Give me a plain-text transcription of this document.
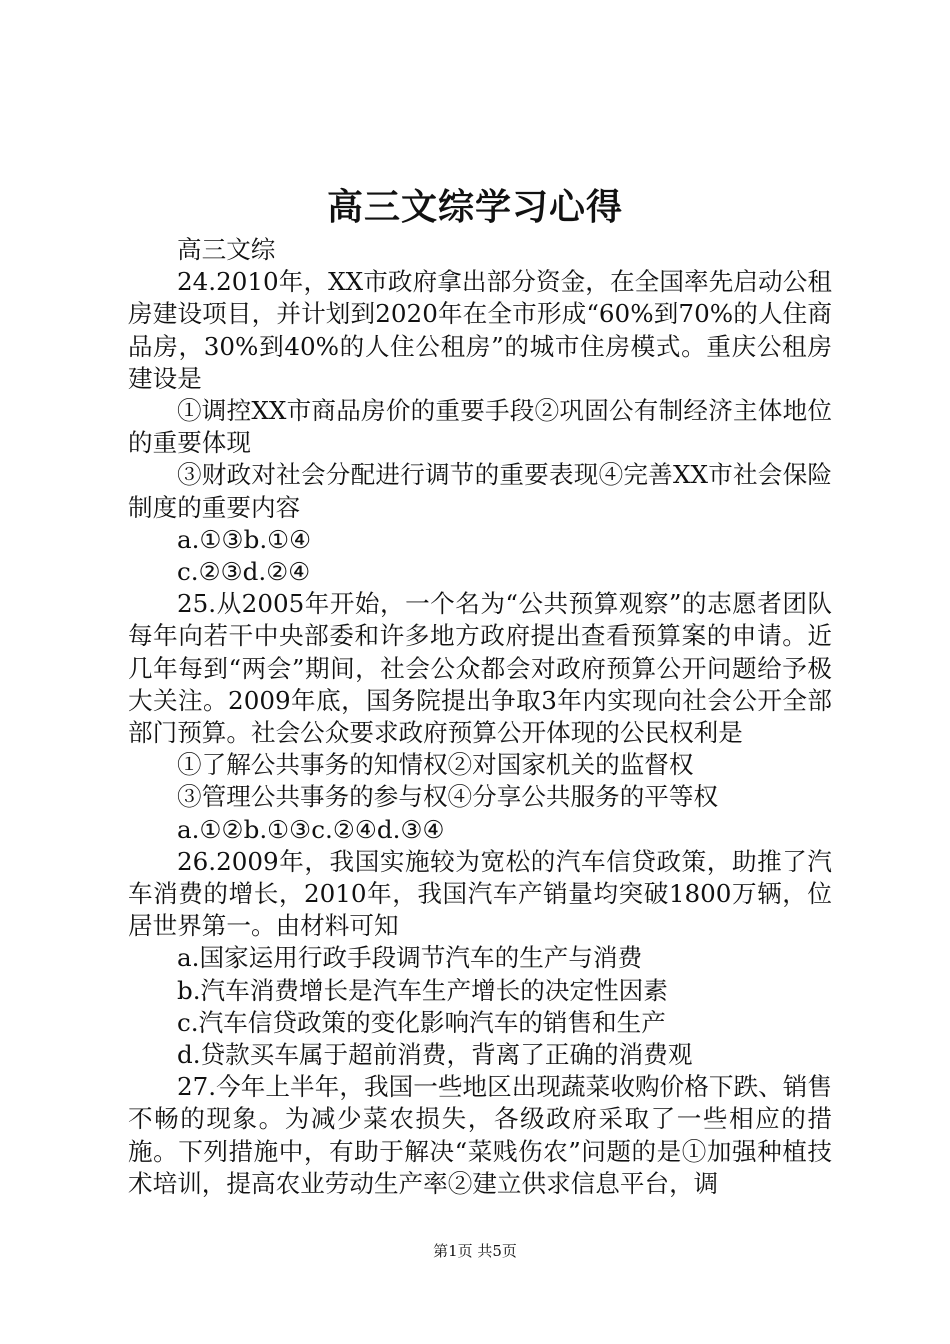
高三文综学习心得

高三文综

24.2010年，XX市政府拿出部分资金，在全国率先启动公租房建设项目，并计划到2020年在全市形成“60%到70%的人住商品房，30%到40%的人住公租房”的城市住房模式。重庆公租房建设是

①调控XX市商品房价的重要手段②巩固公有制经济主体地位的重要体现

③财政对社会分配进行调节的重要表现④完善XX市社会保险制度的重要内容

a.①③b.①④

c.②③d.②④

25.从2005年开始，一个名为“公共预算观察”的志愿者团队每年向若干中央部委和许多地方政府提出查看预算案的申请。近几年每到“两会”期间，社会公众都会对政府预算公开问题给予极大关注。2009年底，国务院提出争取3年内实现向社会公开全部部门预算。社会公众要求政府预算公开体现的公民权利是

①了解公共事务的知情权②对国家机关的监督权

③管理公共事务的参与权④分享公共服务的平等权

a.①②b.①③c.②④d.③④

26.2009年，我国实施较为宽松的汽车信贷政策，助推了汽车消费的增长，2010年，我国汽车产销量均突破1800万辆，位居世界第一。由材料可知

a.国家运用行政手段调节汽车的生产与消费

b.汽车消费增长是汽车生产增长的决定性因素

c.汽车信贷政策的变化影响汽车的销售和生产

d.贷款买车属于超前消费，背离了正确的消费观

27.今年上半年，我国一些地区出现蔬菜收购价格下跌、销售不畅的现象。为减少菜农损失，各级政府采取了一些相应的措施。下列措施中，有助于解决“菜贱伤农”问题的是①加强种植技术培训，提高农业劳动生产率②建立供求信息平台，调

第1页 共5页
